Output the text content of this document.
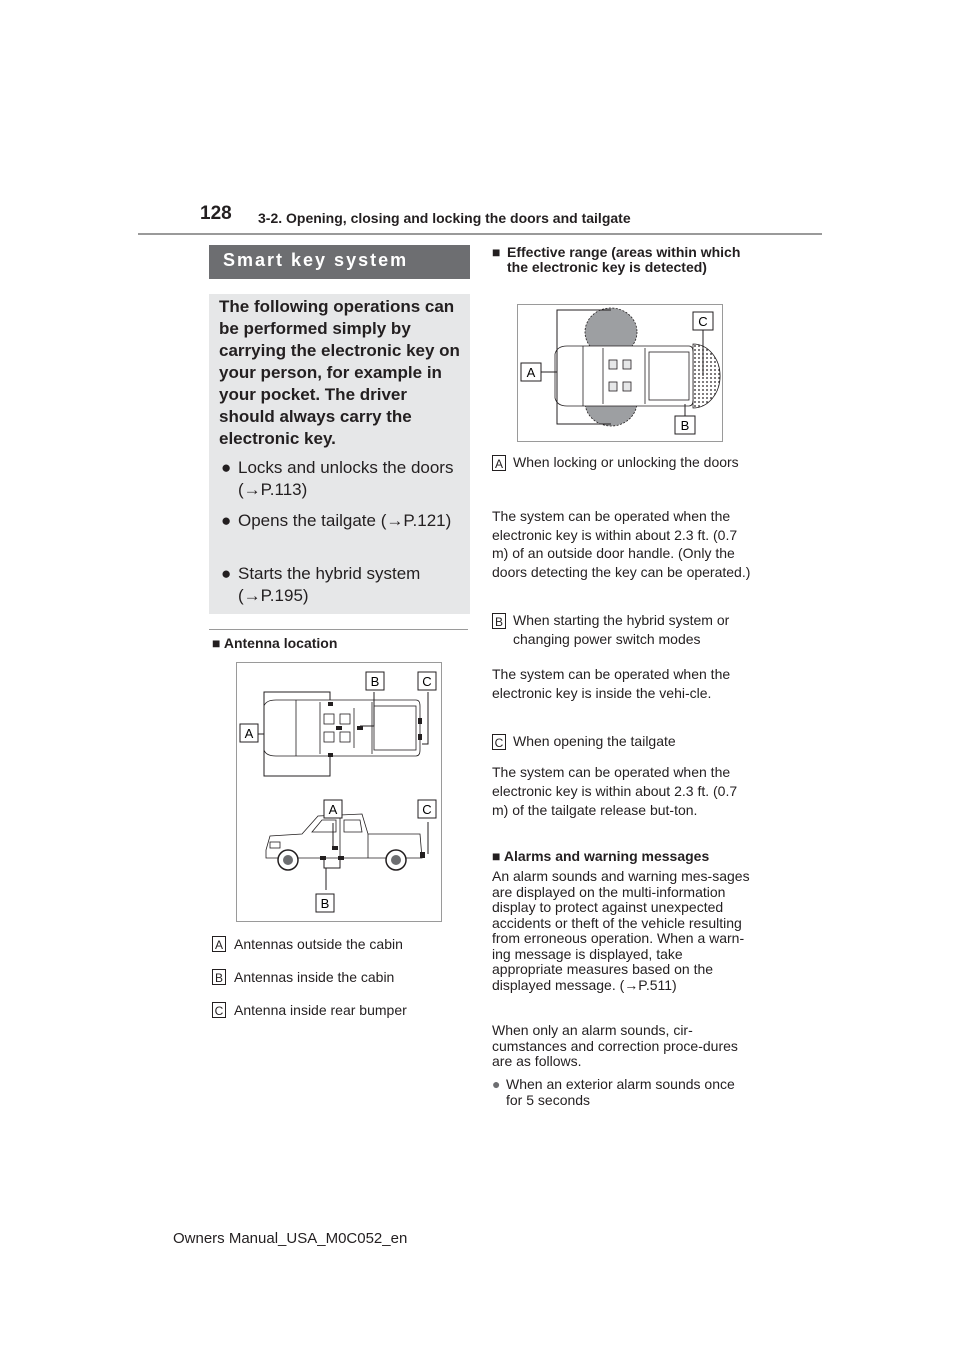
128 3-2. Opening, closing and locking the doors and tailgate
Smart key system
The following operations can be performed simply by carrying the electronic key on your person, for example in your pocket. The driver should always carry the electronic key.
● Locks and unlocks the doors (→P.113)
● Opens the tailgate (→P.121)
● Starts the hybrid system (→P.195)
■ Antenna location
A
B	C
A	C
B
A Antennas outside the cabin
B Antennas inside the cabin
C Antenna inside rear bumper
■ Effective range (areas within which the electronic key is detected)
A
C
B
A When locking or unlocking the doors
The system can be operated when the electronic key is within about 2.3 ft. (0.7 m) of an outside door handle. (Only the doors detecting the key can be operated.)
B When starting the hybrid system or changing power switch modes
The system can be operated when the electronic key is inside the vehi-cle.
C When opening the tailgate
The system can be operated when the electronic key is within about 2.3 ft. (0.7 m) of the tailgate release but-ton.
■ Alarms and warning messages
An alarm sounds and warning mes-sages are displayed on the multi-information display to protect against unexpected accidents or theft of the vehicle resulting from erroneous operation. When a warn-ing message is displayed, take appropriate measures based on the displayed message. (→P.511)
When only an alarm sounds, cir-cumstances and correction proce-dures are as follows.
● When an exterior alarm sounds once for 5 seconds
Owners Manual_USA_M0C052_en
